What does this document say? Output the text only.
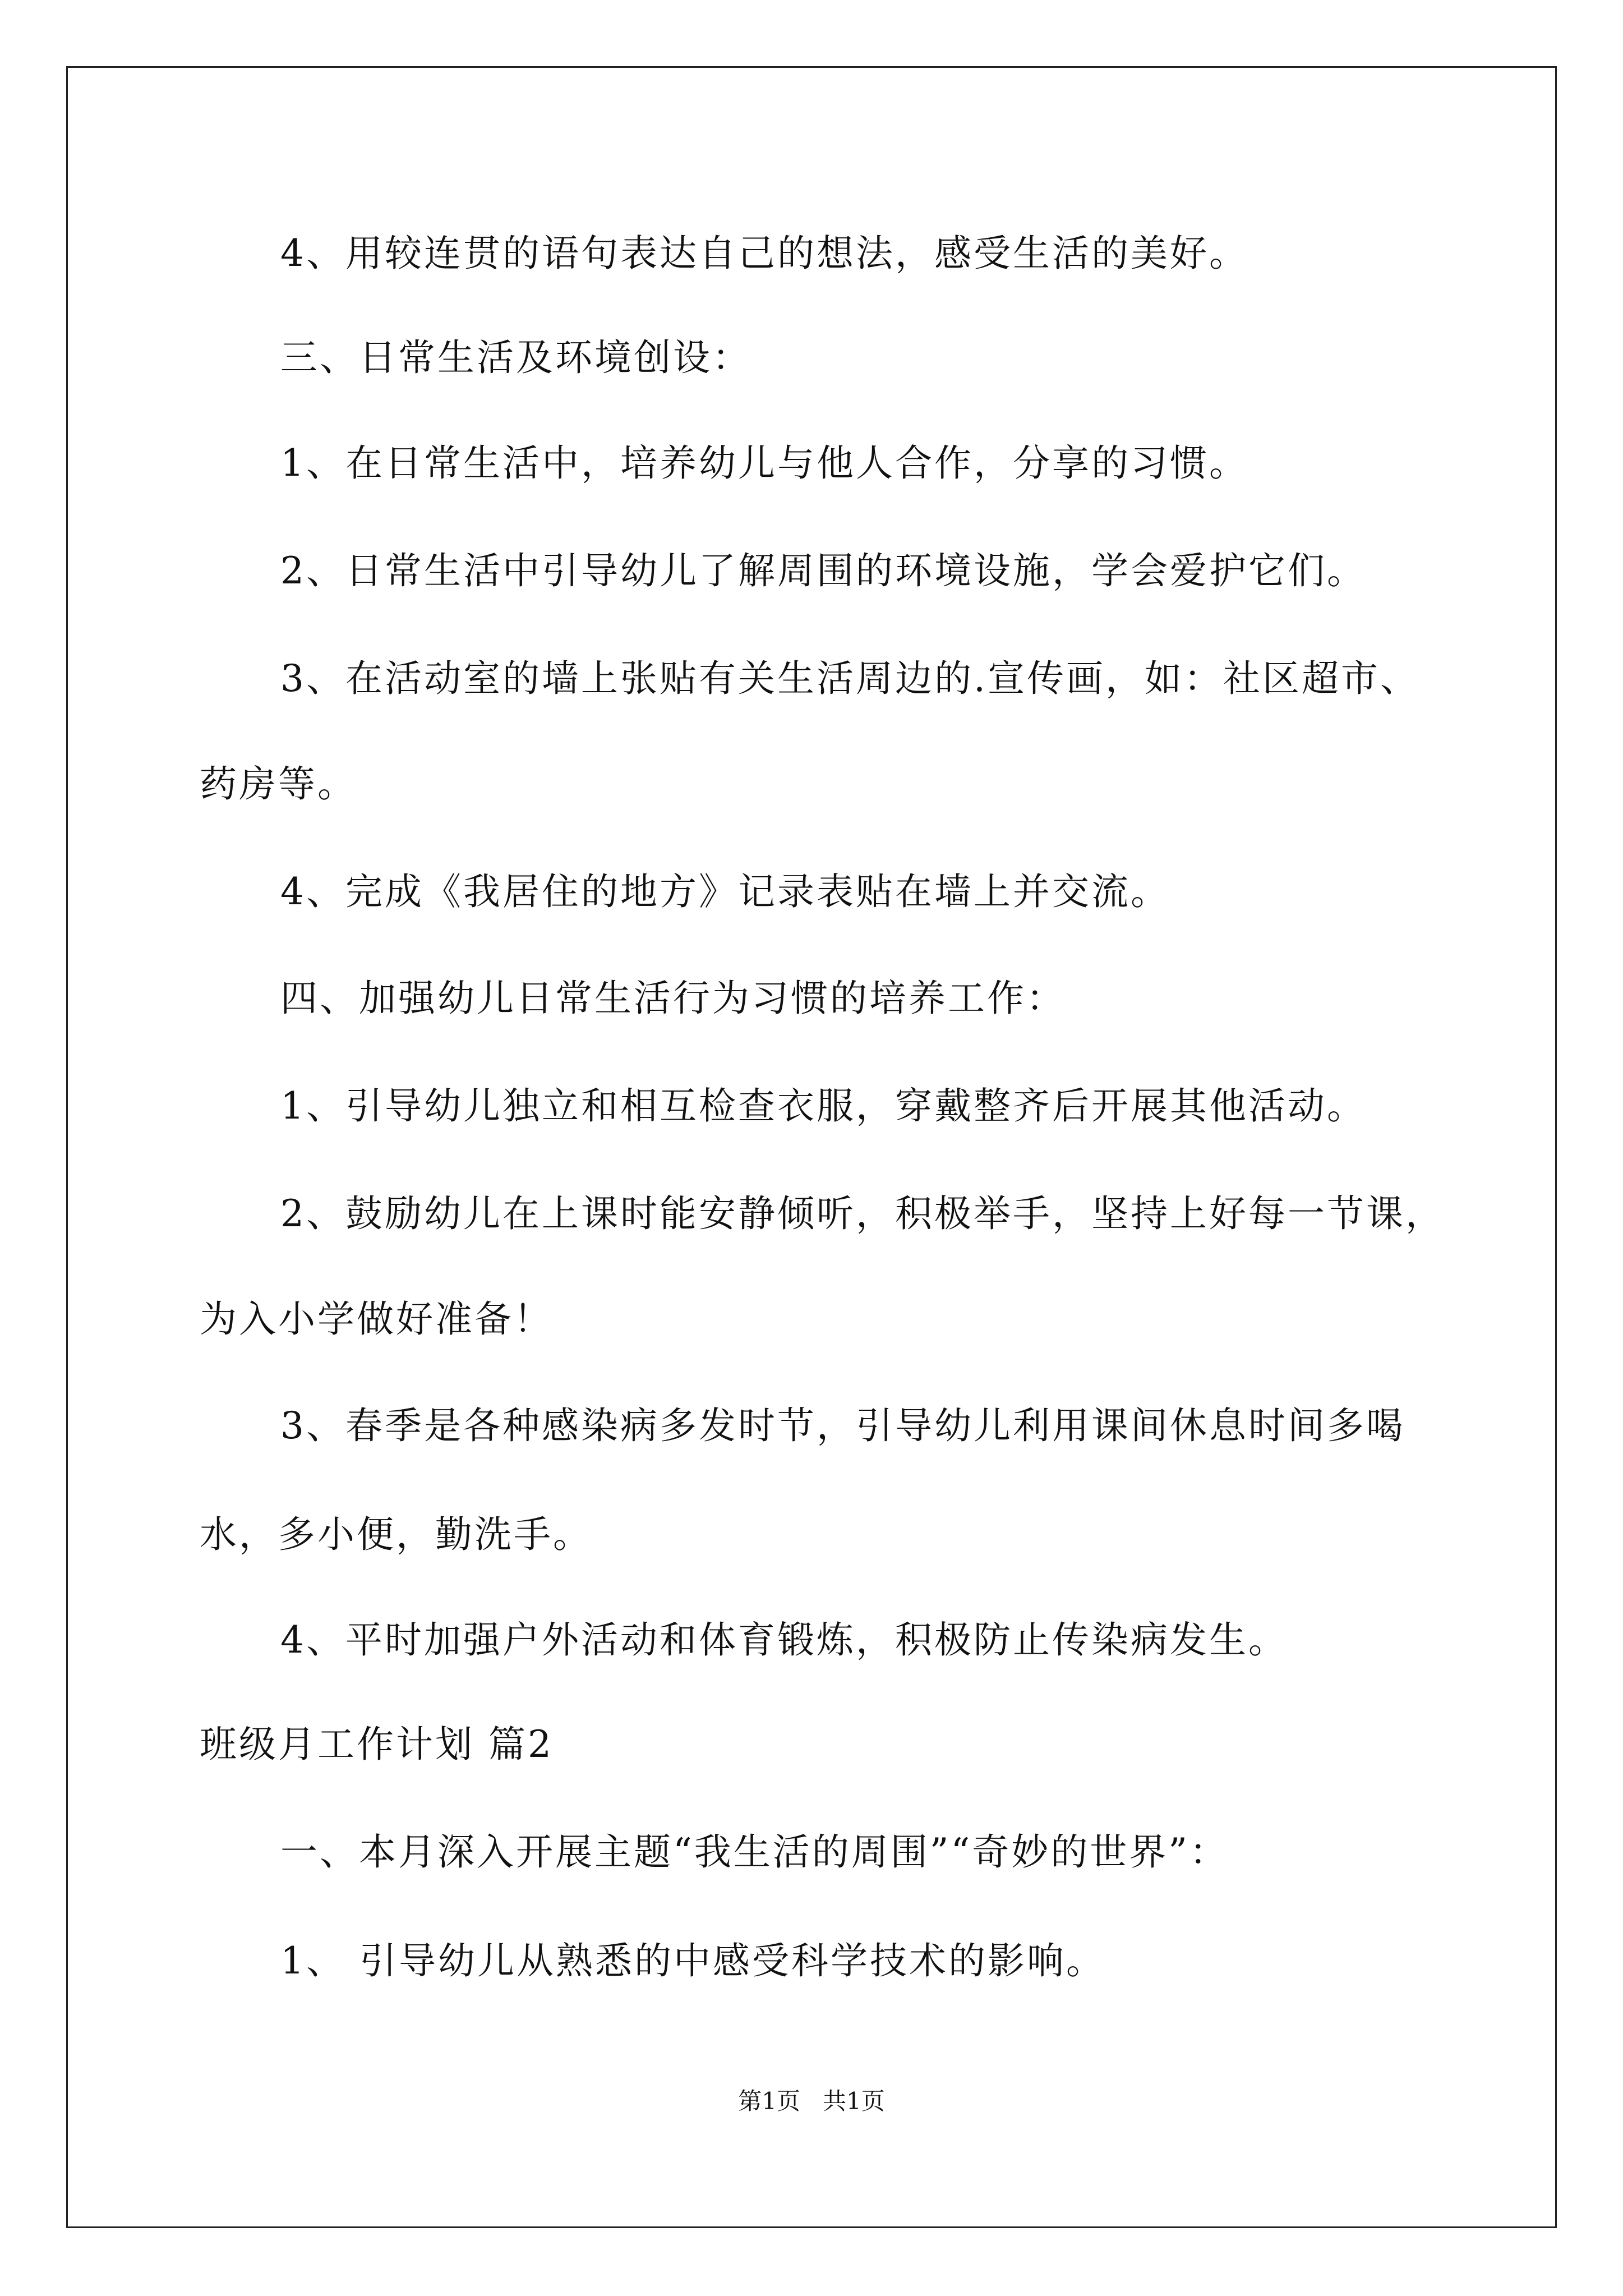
4、用较连贯的语句表达自己的想法，感受生活的美好。
三、日常生活及环境创设：
1、在日常生活中，培养幼儿与他人合作，分享的习惯。
2、日常生活中引导幼儿了解周围的环境设施，学会爱护它们。
3、在活动室的墙上张贴有关生活周边的.宣传画，如：社区超市、
药房等。
4、完成《我居住的地方》记录表贴在墙上并交流。
四、加强幼儿日常生活行为习惯的培养工作：
1、引导幼儿独立和相互检查衣服，穿戴整齐后开展其他活动。
2、鼓励幼儿在上课时能安静倾听，积极举手，坚持上好每一节课，
为入小学做好准备！
3、春季是各种感染病多发时节，引导幼儿利用课间休息时间多喝
水，多小便，勤洗手。
4、平时加强户外活动和体育锻炼，积极防止传染病发生。
班级月工作计划 篇2
一、本月深入开展主题“我生活的周围”“奇妙的世界”：
1、 引导幼儿从熟悉的中感受科学技术的影响。
第1页   共1页
